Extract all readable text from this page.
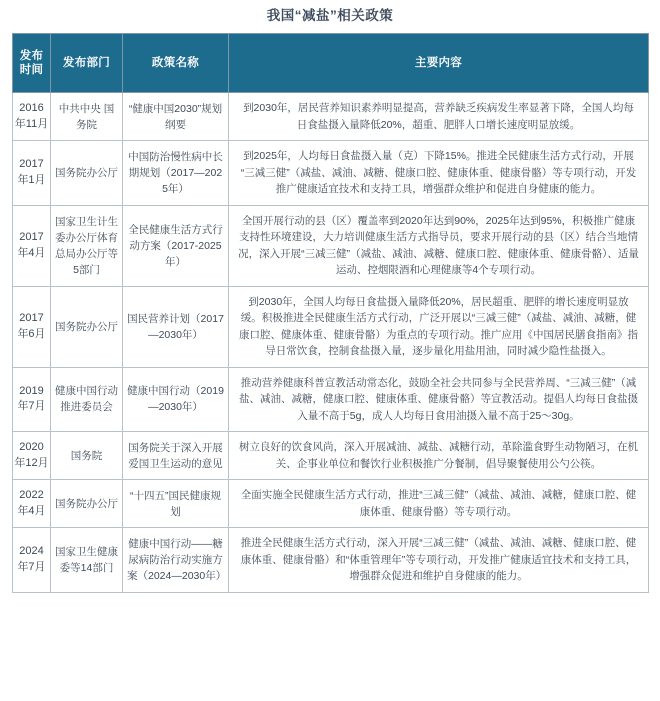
我国“减盐”相关政策
发布
时间	发布部门	政策名称	主要内容
2016年11月	中共中央 国务院	“健康中国2030”规划纲要	到2030年，居民营养知识素养明显提高，营养缺乏疾病发生率显著下降，全国人均每日食盐摄入量降低20%，超重、肥胖人口增长速度明显放缓。
2017年1月	国务院办公厅	中国防治慢性病中长期规划（2017—2025年）	到2025年，人均每日食盐摄入量（克）下降15%。推进全民健康生活方式行动，开展“三减三健”（减盐、减油、减糖、健康口腔、健康体重、健康骨骼）等专项行动，开发推广健康适宜技术和支持工具，增强群众维护和促进自身健康的能力。
2017年4月	国家卫生计生委办公厅体育总局办公厅等5部门	全民健康生活方式行动方案（2017-2025年）	全国开展行动的县（区）覆盖率到2020年达到90%，2025年达到95%，积极推广健康支持性环境建设，大力培训健康生活方式指导员，要求开展行动的县（区）结合当地情况，深入开展“三减三健”（减盐、减油、减糖、健康口腔、健康体重、健康骨骼）、适量运动、控烟限酒和心理健康等4个专项行动。
2017年6月	国务院办公厅	国民营养计划（2017—2030年）	到2030年，全国人均每日食盐摄入量降低20%，居民超重、肥胖的增长速度明显放缓。积极推进全民健康生活方式行动，广泛开展以“三减三健”（减盐、减油、减糖，健康口腔、健康体重、健康骨骼）为重点的专项行动。推广应用《中国居民膳食指南》指导日常饮食，控制食盐摄入量，逐步量化用盐用油，同时减少隐性盐摄入。
2019年7月	健康中国行动推进委员会	健康中国行动（2019—2030年）	推动营养健康科普宣教活动常态化，鼓励全社会共同参与全民营养周、“三减三健”（减盐、减油、减糖，健康口腔、健康体重、健康骨骼）等宣教活动。提倡人均每日食盐摄入量不高于5g，成人人均每日食用油摄入量不高于25～30g。
2020年12月	国务院	国务院关于深入开展爱国卫生运动的意见	树立良好的饮食风尚，深入开展减油、减盐、减糖行动，革除滥食野生动物陋习，在机关、企事业单位和餐饮行业积极推广分餐制，倡导聚餐使用公勺公筷。
2022年4月	国务院办公厅	“十四五”国民健康规划	全面实施全民健康生活方式行动，推进“三减三健”（减盐、减油、减糖，健康口腔、健康体重、健康骨骼）等专项行动。
2024年7月	国家卫生健康委等14部门	健康中国行动——糖尿病防治行动实施方案（2024—2030年）	推进全民健康生活方式行动，深入开展“三减三健”（减盐、减油、减糖、健康口腔、健康体重、健康骨骼）和“体重管理年”等专项行动，开发推广健康适宜技术和支持工具，增强群众促进和维护自身健康的能力。
